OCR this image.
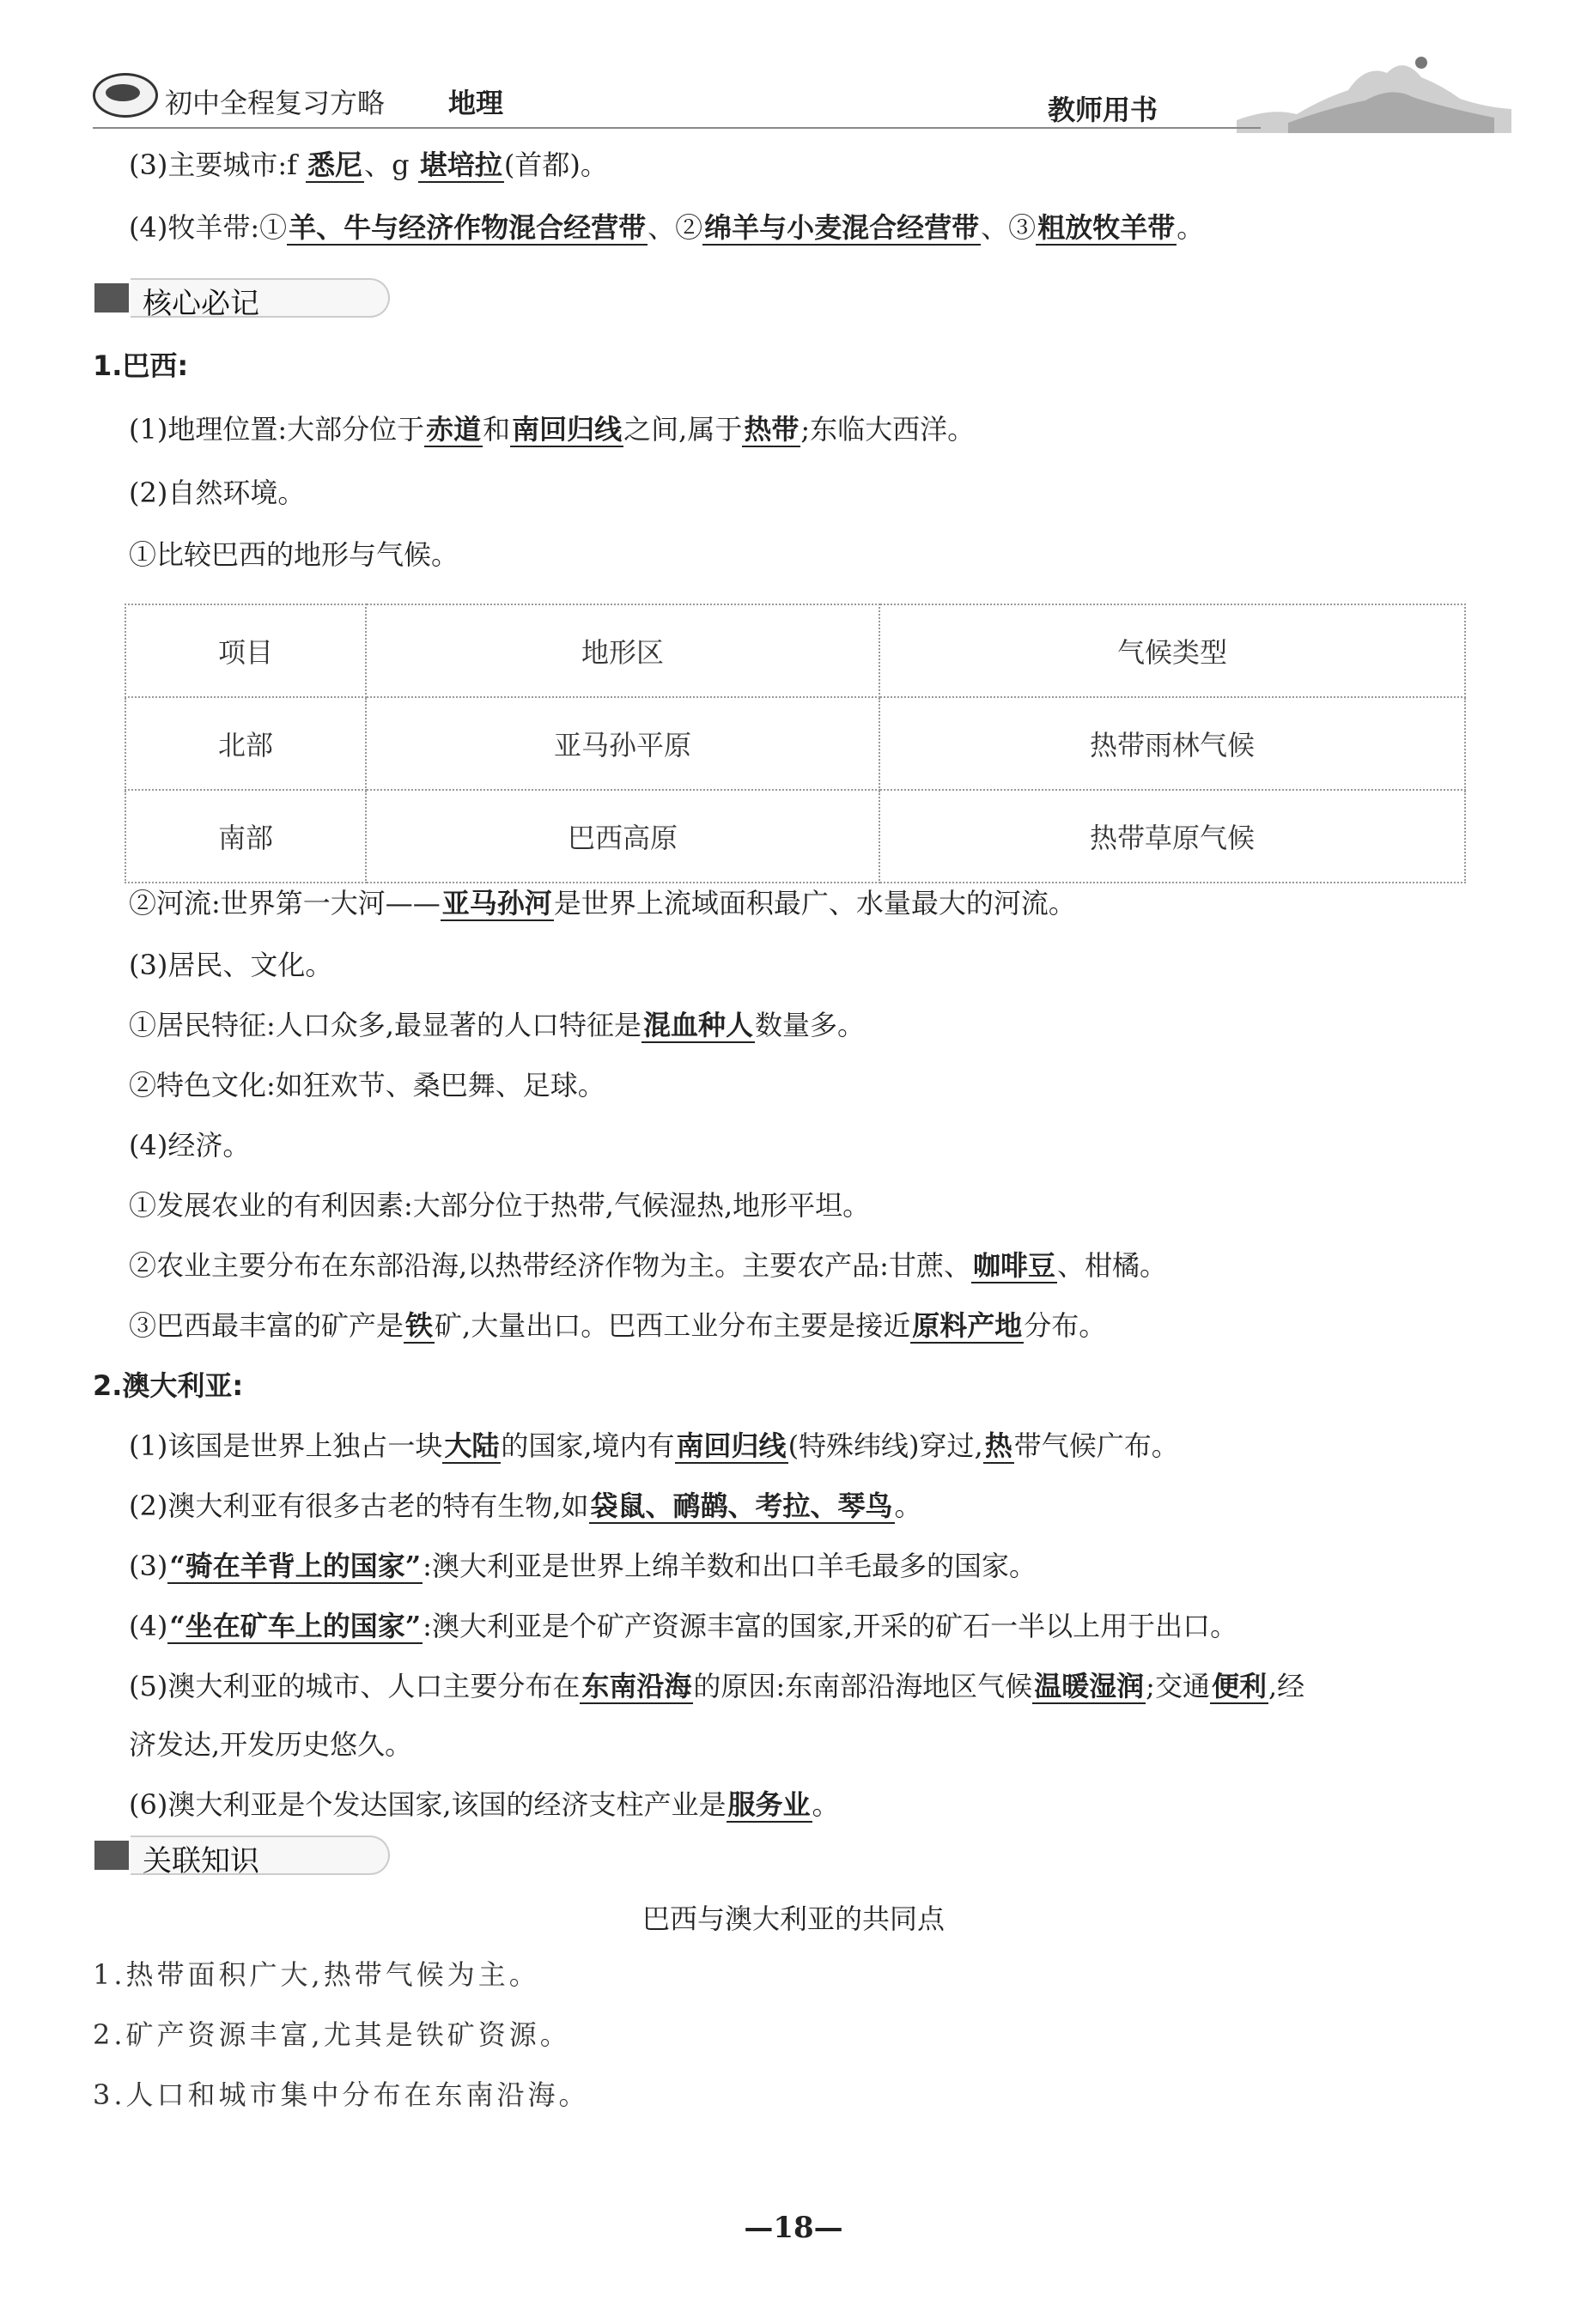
初中全程复习方略 地理	教师用书
(3)主要城市:f 悉尼、g 堪培拉(首都)。
(4)牧羊带:①羊、牛与经济作物混合经营带、②绵羊与小麦混合经营带、③粗放牧羊带。
核心必记
1.巴西:
(1)地理位置:大部分位于赤道和南回归线之间,属于热带;东临大西洋。
(2)自然环境。
①比较巴西的地形与气候。
项目	地形区	气候类型
北部	亚马孙平原	热带雨林气候
南部	巴西高原	热带草原气候
②河流:世界第一大河——亚马孙河是世界上流域面积最广、水量最大的河流。
(3)居民、文化。
①居民特征:人口众多,最显著的人口特征是混血种人数量多。
②特色文化:如狂欢节、桑巴舞、足球。
(4)经济。
①发展农业的有利因素:大部分位于热带,气候湿热,地形平坦。
②农业主要分布在东部沿海,以热带经济作物为主。主要农产品:甘蔗、咖啡豆、柑橘。
③巴西最丰富的矿产是铁矿,大量出口。巴西工业分布主要是接近原料产地分布。
2.澳大利亚:
(1)该国是世界上独占一块大陆的国家,境内有南回归线(特殊纬线)穿过,热带气候广布。
(2)澳大利亚有很多古老的特有生物,如袋鼠、鸸鹋、考拉、琴鸟。
(3)“骑在羊背上的国家”:澳大利亚是世界上绵羊数和出口羊毛最多的国家。
(4)“坐在矿车上的国家”:澳大利亚是个矿产资源丰富的国家,开采的矿石一半以上用于出口。
(5)澳大利亚的城市、人口主要分布在东南沿海的原因:东南部沿海地区气候温暖湿润;交通便利,经
济发达,开发历史悠久。
(6)澳大利亚是个发达国家,该国的经济支柱产业是服务业。
关联知识
巴西与澳大利亚的共同点
1.热带面积广大,热带气候为主。
2.矿产资源丰富,尤其是铁矿资源。
3.人口和城市集中分布在东南沿海。
—18—
